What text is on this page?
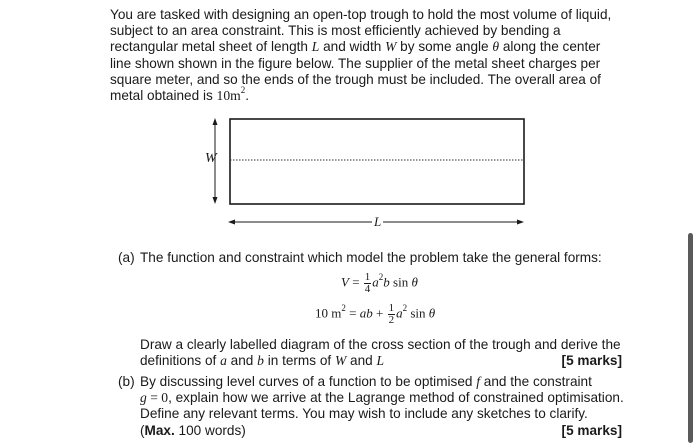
You are tasked with designing an open-top trough to hold the most volume of liquid,
subject to an area constraint. This is most efficiently achieved by bending a
rectangular metal sheet of length L and width W by some angle θ along the center
line shown shown in the figure below. The supplier of the metal sheet charges per
square meter, and so the ends of the trough must be included. The overall area of
metal obtained is $10m^2$.
W
L
(a) The function and constraint which model the problem take the general forms:
$V = \frac{1}{4} a^2b$ sin θ
10 $m^2$ = ab + $\frac{1}{2} a^2$ sin θ
Draw a clearly labelled diagram of the cross section of the trough and derive the
definitions of a and b in terms of W and L	[5 marks]
(b) By discussing level curves of a function to be optimised f and the constraint
g = 0, explain how we arrive at the Lagrange method of constrained optimisation.
Define any relevant terms. You may wish to include any sketches to clarify.
(Max. 100 words)	[5 marks]
